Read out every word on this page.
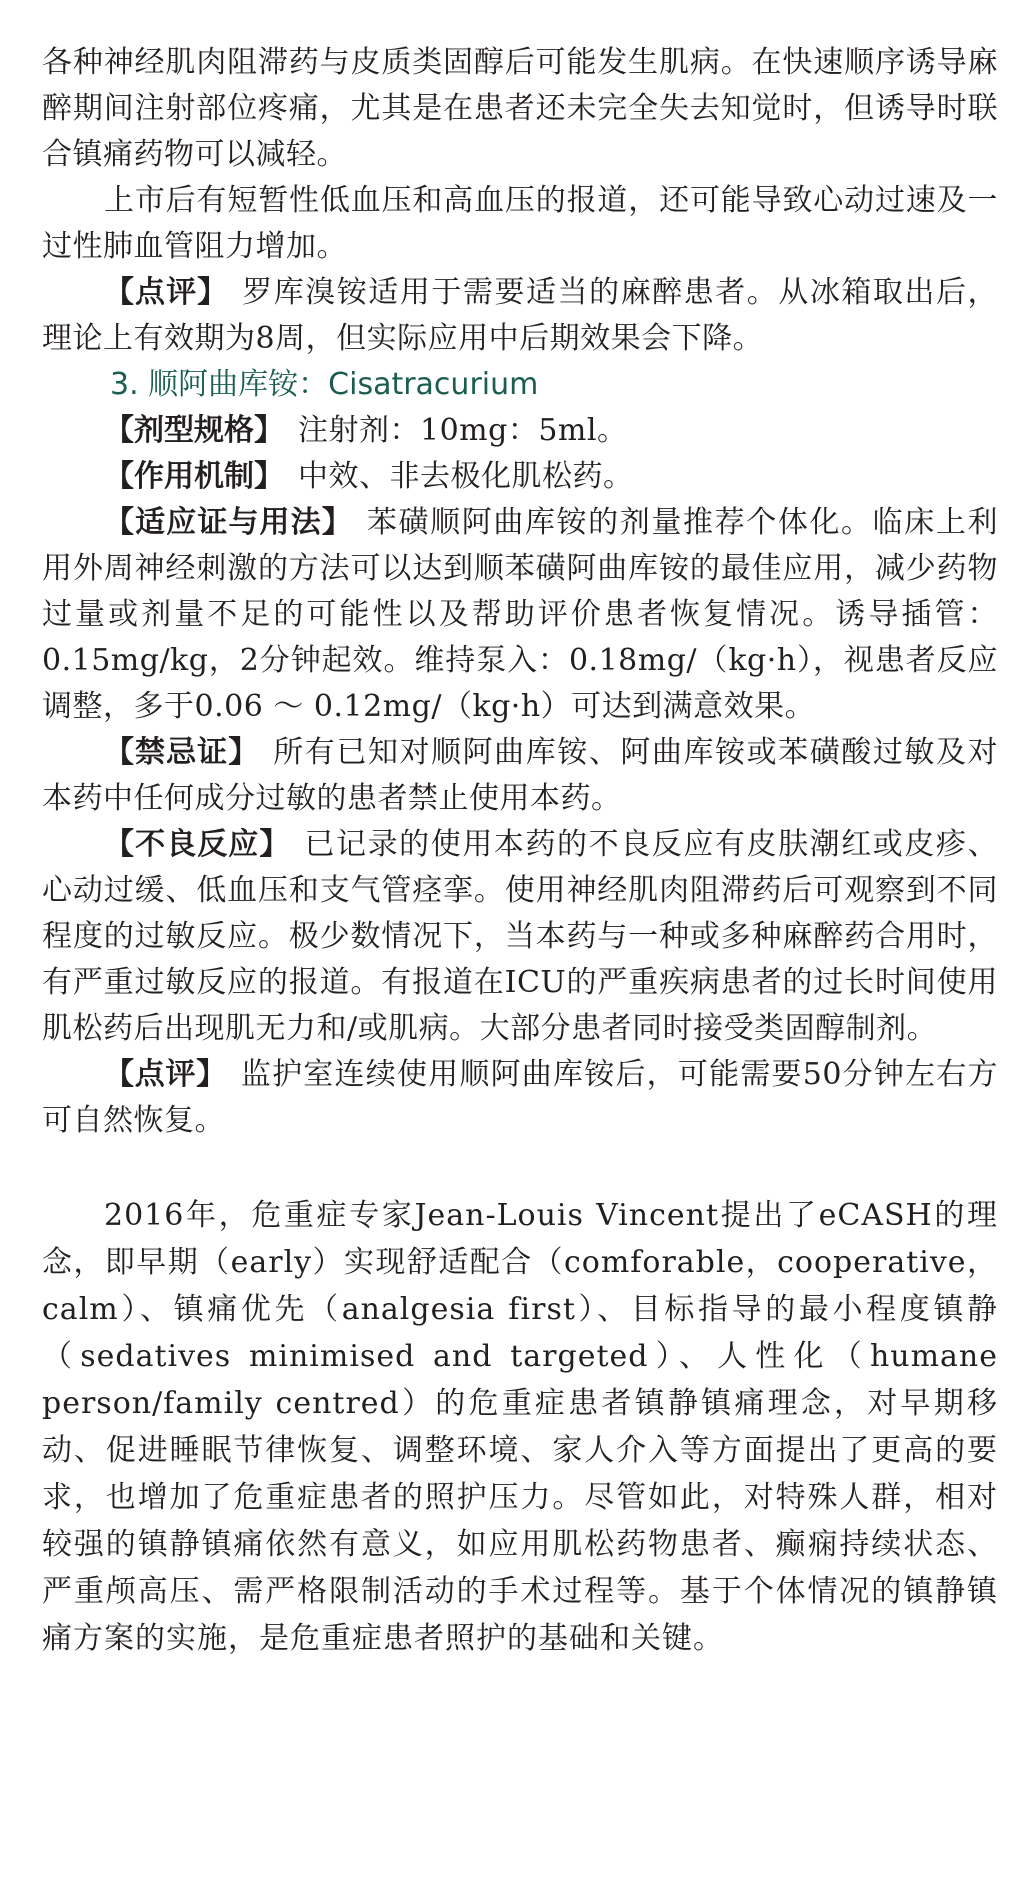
各种神经肌肉阻滞药与皮质类固醇后可能发生肌病。在快速顺序诱导麻醉期间注射部位疼痛，尤其是在患者还未完全失去知觉时，但诱导时联合镇痛药物可以减轻。

上市后有短暂性低血压和高血压的报道，还可能导致心动过速及一过性肺血管阻力增加。

【点评】 罗库溴铵适用于需要适当的麻醉患者。从冰箱取出后，理论上有效期为8周，但实际应用中后期效果会下降。

3. 顺阿曲库铵：Cisatracurium

【剂型规格】 注射剂：10mg：5ml。

【作用机制】 中效、非去极化肌松药。

【适应证与用法】 苯磺顺阿曲库铵的剂量推荐个体化。临床上利用外周神经刺激的方法可以达到顺苯磺阿曲库铵的最佳应用，减少药物过量或剂量不足的可能性以及帮助评价患者恢复情况。诱导插管：0.15mg/kg，2分钟起效。维持泵入：0.18mg/（kg·h），视患者反应调整，多于0.06 ～ 0.12mg/（kg·h）可达到满意效果。

【禁忌证】 所有已知对顺阿曲库铵、阿曲库铵或苯磺酸过敏及对本药中任何成分过敏的患者禁止使用本药。

【不良反应】 已记录的使用本药的不良反应有皮肤潮红或皮疹、心动过缓、低血压和支气管痉挛。使用神经肌肉阻滞药后可观察到不同程度的过敏反应。极少数情况下，当本药与一种或多种麻醉药合用时，有严重过敏反应的报道。有报道在ICU的严重疾病患者的过长时间使用肌松药后出现肌无力和/或肌病。大部分患者同时接受类固醇制剂。

【点评】 监护室连续使用顺阿曲库铵后，可能需要50分钟左右方可自然恢复。

2016年，危重症专家Jean-Louis Vincent提出了eCASH的理念，即早期（early）实现舒适配合（comforable，cooperative，calm）、镇痛优先（analgesia first）、目标指导的最小程度镇静（sedatives minimised and targeted）、人性化（humane person/family centred）的危重症患者镇静镇痛理念，对早期移动、促进睡眠节律恢复、调整环境、家人介入等方面提出了更高的要求，也增加了危重症患者的照护压力。尽管如此，对特殊人群，相对较强的镇静镇痛依然有意义，如应用肌松药物患者、癫痫持续状态、严重颅高压、需严格限制活动的手术过程等。基于个体情况的镇静镇痛方案的实施，是危重症患者照护的基础和关键。
